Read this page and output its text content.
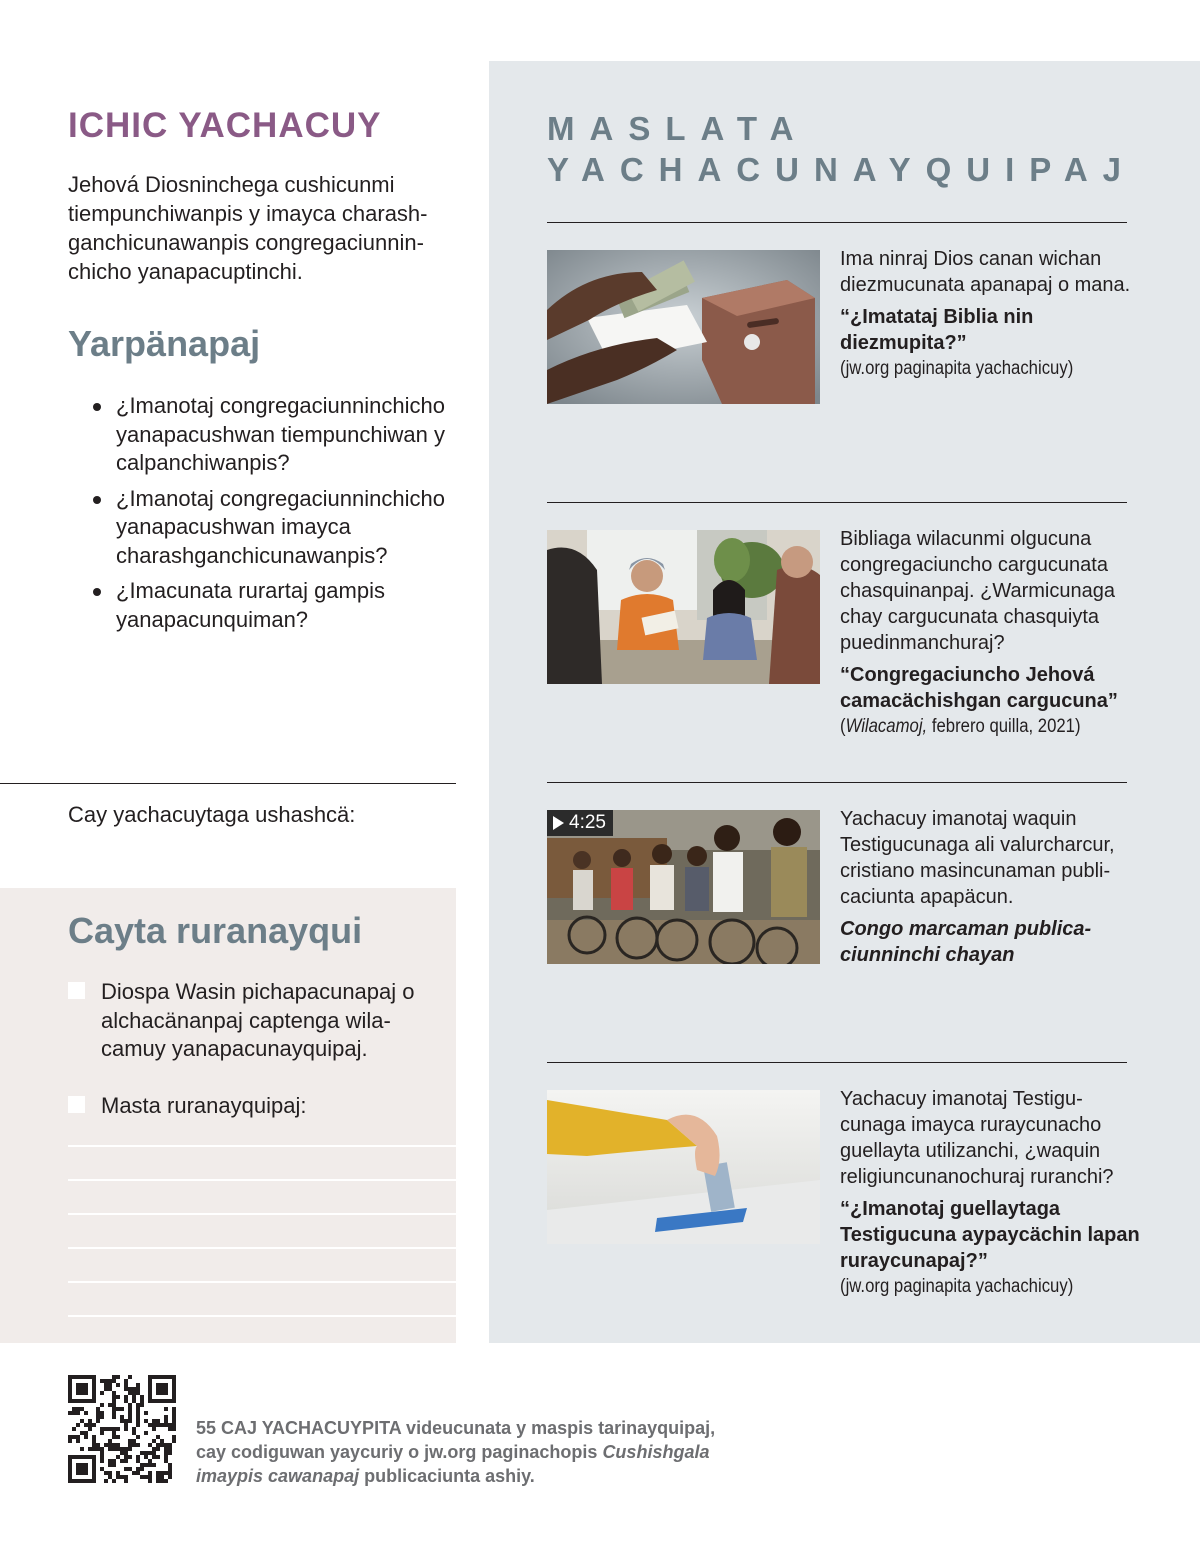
ICHIC YACHACUY

Jehová Diosninchega cushicunmi tiempunchiwanpis y imayca charashganchicunawanpis congregaciunninchicho yanapacuptinchi.

Yarpänapaj
¿Imanotaj congregaciunninchicho yanapacushwan tiempunchiwan y calpanchiwanpis?
¿Imanotaj congregaciunninchicho yanapacushwan imayca charashganchicunawanpis?
¿Imacunata rurartaj gampis yanapacunquiman?

Cay yachacuytaga ushashcä:

Cayta ruranayqui
Diospa Wasin pichapacunapaj o alchacänanpaj captenga wilacamuy yanapacunayquipaj.
Masta ruranayquipaj:
MASLATA
YACHACUNAYQUIPAJ

Ima ninraj Dios canan wichan diezmucunata apanapaj o mana.

“¿Imatataj Biblia nin diezmupita?”

(jw.org paginapita yachachicuy)

Bibliaga wilacunmi olgucuna congregaciuncho cargucunata chasquinanpaj. ¿Warmicunaga chay cargucunata chasquiyta puedinmanchuraj?

“Congregaciuncho Jehová camacächishgan cargucuna”

(Wilacamoj, febrero quilla, 2021)

4:25	Yachacuy imanotaj waquin Testigucunaga ali valurcharcur, cristiano masincunaman publicaciunta apapäcun.

Congo marcaman publicaciunninchi chayan

Yachacuy imanotaj Testigucunaga imayca ruraycunacho guellayta utilizanchi, ¿waquin religiuncunanochuraj ruranchi?

“¿Imanotaj guellaytaga Testigucuna aypaycächin lapan ruraycunapaj?”

(jw.org paginapita yachachicuy)

55 CAJ YACHACUYPITA videucunata y maspis tarinayquipaj, cay codiguwan yaycuriy o jw.org paginachopis Cushishgala imaypis cawanapaj publicaciunta ashiy.
